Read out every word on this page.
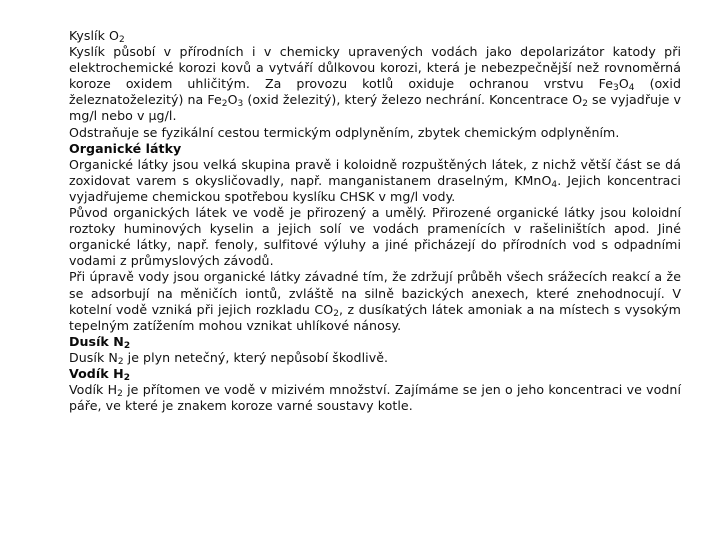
Kyslík $O_2$
Kyslík působí v přírodních i v chemicky upravených vodách jako depolarizátor katody při elektrochemické korozi kovů a vytváří důlkovou korozi, která je nebezpečnější než rovnoměrná koroze oxidem uhličitým. Za provozu kotlů oxiduje ochranou vrstvu $Fe_3O_4$ (oxid železnatoželezitý) na $Fe_2O_3$ (oxid železitý), který železo nechrání. Koncentrace $O_2$ se vyjadřuje v mg/l nebo v µg/l.
Odstraňuje se fyzikální cestou termickým odplyněním, zbytek chemickým odplyněním.
Organické látky
Organické látky jsou velká skupina pravě i koloidně rozpuštěných látek, z nichž větší část se dá zoxidovat varem s okysličovadly, např. manganistanem draselným, KMnO$_4$. Jejich koncentraci vyjadřujeme chemickou spotřebou kyslíku CHSK v mg/l vody.
Původ organických látek ve vodě je přirozený a umělý. Přirozené organické látky jsou koloidní roztoky huminových kyselin a jejich solí ve vodách pramenících v rašeliništích apod. Jiné organické látky, např. fenoly, sulfitové výluhy a jiné přicházejí do přírodních vod s odpadními vodami z průmyslových závodů.
Při úpravě vody jsou organické látky závadné tím, že zdržují průběh všech srážecích reakcí a že se adsorbují na měničích iontů, zvláště na silně bazických anexech, které znehodnocují. V kotelní vodě vzniká při jejich rozkladu $CO_2$, z dusíkatých látek amoniak a na místech s vysokým tepelným zatížením mohou vznikat uhlíkové nánosy.
Dusík $N_2$
Dusík $N_2$ je plyn netečný, který nepůsobí škodlivě.
Vodík $H_2$
Vodík $H_2$ je přítomen ve vodě v mizivém množství. Zajímáme se jen o jeho koncentraci ve vodní páře, ve které je znakem koroze varné soustavy kotle.
